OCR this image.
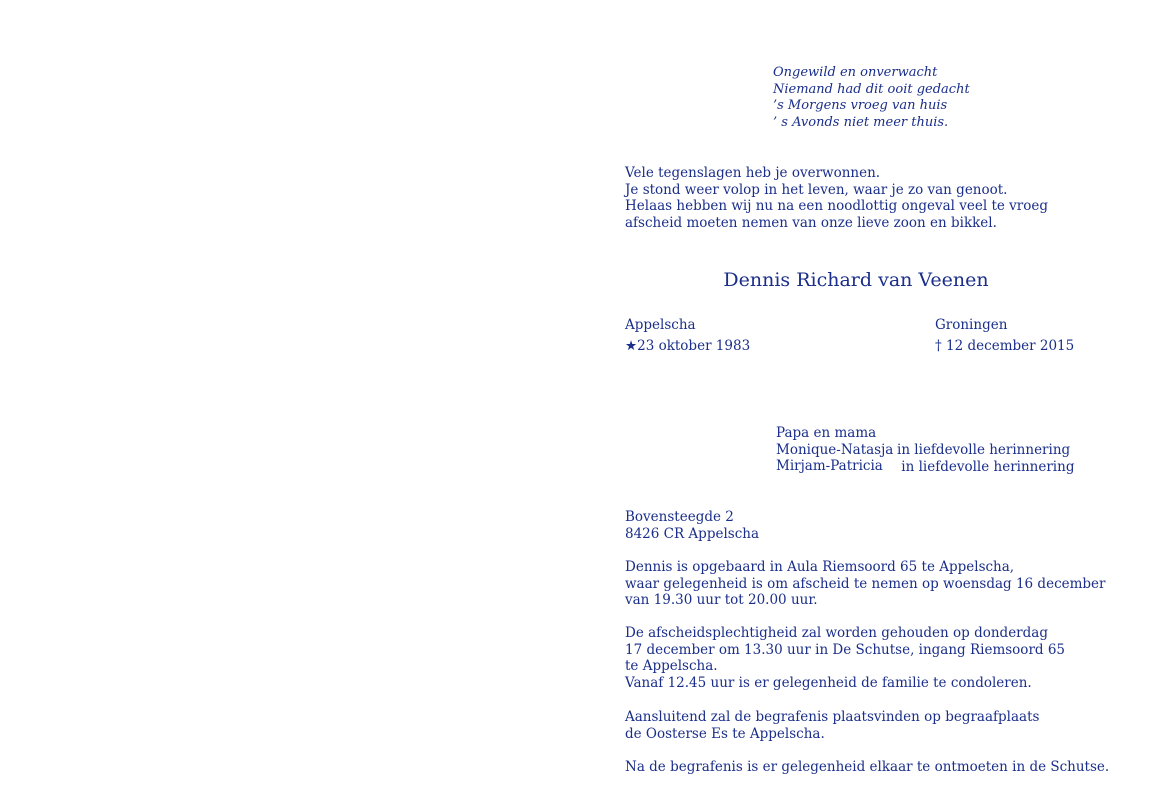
Ongewild en onverwacht
Niemand had dit ooit gedacht
’s Morgens vroeg van huis
’ s Avonds niet meer thuis.
Vele tegenslagen heb je overwonnen.
Je stond weer volop in het leven, waar je zo van genoot.
Helaas hebben wij nu na een noodlottig ongeval veel te vroeg
afscheid moeten nemen van onze lieve zoon en bikkel.
Dennis Richard van Veenen
Appelscha
★23 oktober 1983
Groningen
† 12 december 2015
Papa en mama
Monique-Natasja
Mirjam-Patricia
in liefdevolle herinnering
in liefdevolle herinnering
Bovensteegde 2
8426 CR Appelscha
Dennis is opgebaard in Aula Riemsoord 65 te Appelscha,
waar gelegenheid is om afscheid te nemen op woensdag 16 december
van 19.30 uur tot 20.00 uur.
De afscheidsplechtigheid zal worden gehouden op donderdag
17 december om 13.30 uur in De Schutse, ingang Riemsoord 65
te Appelscha.
Vanaf 12.45 uur is er gelegenheid de familie te condoleren.
Aansluitend zal de begrafenis plaatsvinden op begraafplaats
de Oosterse Es te Appelscha.
Na de begrafenis is er gelegenheid elkaar te ontmoeten in de Schutse.
